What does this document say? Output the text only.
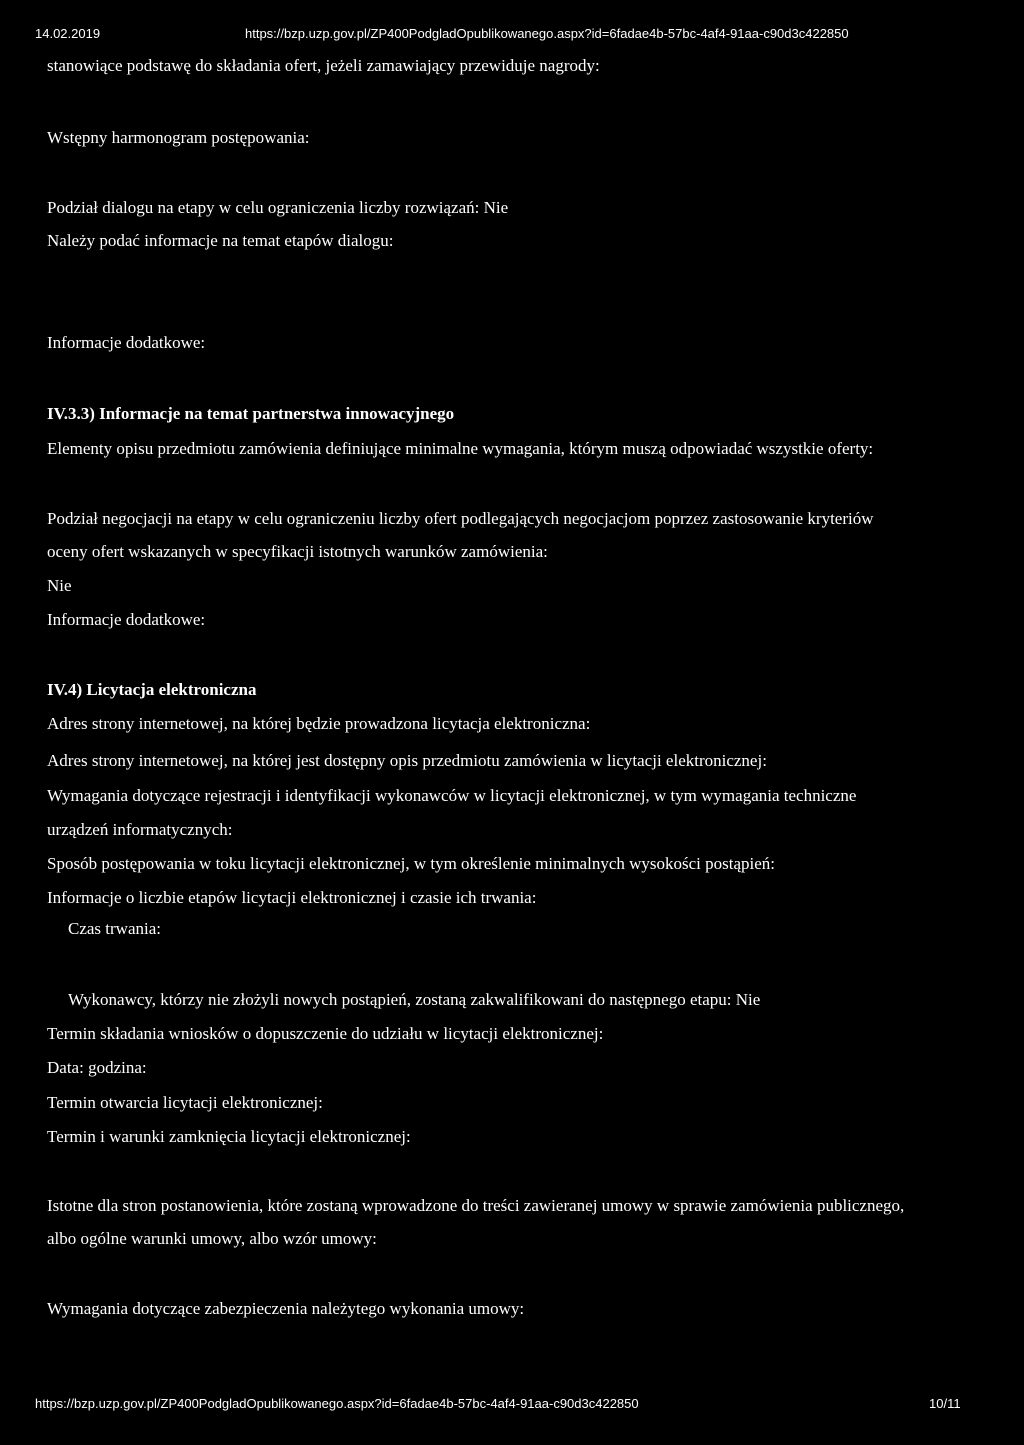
14.02.2019	https://bzp.uzp.gov.pl/ZP400PodgladOpublikowanego.aspx?id=6fadae4b-57bc-4af4-91aa-c90d3c422850
stanowiące podstawę do składania ofert, jeżeli zamawiający przewiduje nagrody:
Wstępny harmonogram postępowania:
Podział dialogu na etapy w celu ograniczenia liczby rozwiązań: Nie
Należy podać informacje na temat etapów dialogu:
Informacje dodatkowe:
IV.3.3) Informacje na temat partnerstwa innowacyjnego
Elementy opisu przedmiotu zamówienia definiujące minimalne wymagania, którym muszą odpowiadać wszystkie oferty:
Podział negocjacji na etapy w celu ograniczeniu liczby ofert podlegających negocjacjom poprzez zastosowanie kryteriów
oceny ofert wskazanych w specyfikacji istotnych warunków zamówienia:
Nie
Informacje dodatkowe:
IV.4) Licytacja elektroniczna
Adres strony internetowej, na której będzie prowadzona licytacja elektroniczna:
Adres strony internetowej, na której jest dostępny opis przedmiotu zamówienia w licytacji elektronicznej:
Wymagania dotyczące rejestracji i identyfikacji wykonawców w licytacji elektronicznej, w tym wymagania techniczne
urządzeń informatycznych:
Sposób postępowania w toku licytacji elektronicznej, w tym określenie minimalnych wysokości postąpień:
Informacje o liczbie etapów licytacji elektronicznej i czasie ich trwania:
Czas trwania:
Wykonawcy, którzy nie złożyli nowych postąpień, zostaną zakwalifikowani do następnego etapu: Nie
Termin składania wniosków o dopuszczenie do udziału w licytacji elektronicznej:
Data: godzina:
Termin otwarcia licytacji elektronicznej:
Termin i warunki zamknięcia licytacji elektronicznej:
Istotne dla stron postanowienia, które zostaną wprowadzone do treści zawieranej umowy w sprawie zamówienia publicznego,
albo ogólne warunki umowy, albo wzór umowy:
Wymagania dotyczące zabezpieczenia należytego wykonania umowy:
https://bzp.uzp.gov.pl/ZP400PodgladOpublikowanego.aspx?id=6fadae4b-57bc-4af4-91aa-c90d3c422850	10/11
